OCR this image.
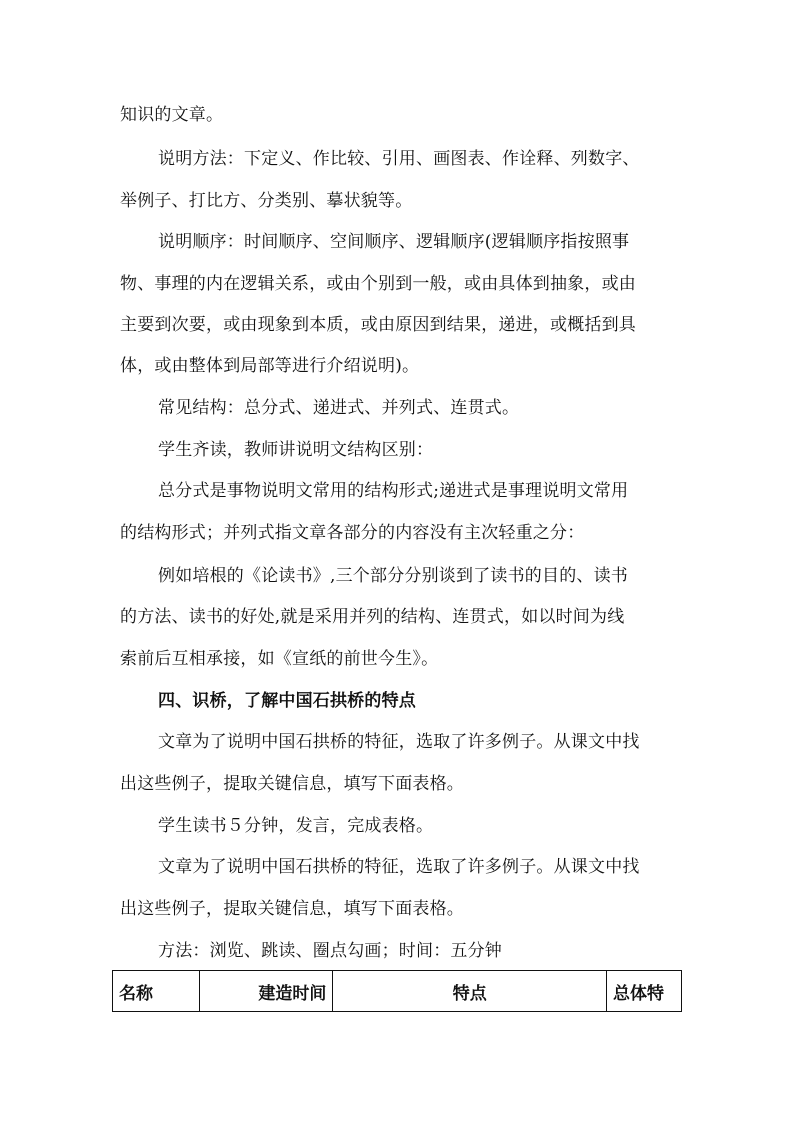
知识的文章。
说明方法：下定义、作比较、引用、画图表、作诠释、列数字、
举例子、打比方、分类别、摹状貌等。
说明顺序：时间顺序、空间顺序、逻辑顺序(逻辑顺序指按照事
物、事理的内在逻辑关系，或由个别到一般，或由具体到抽象，或由
主要到次要，或由现象到本质，或由原因到结果，递进，或概括到具
体，或由整体到局部等进行介绍说明)。
常见结构：总分式、递进式、并列式、连贯式。
学生齐读，教师讲说明文结构区别：
总分式是事物说明文常用的结构形式;递进式是事理说明文常用
的结构形式；并列式指文章各部分的内容没有主次轻重之分：
例如培根的《论读书》,三个部分分别谈到了读书的目的、读书
的方法、读书的好处,就是采用并列的结构、连贯式，如以时间为线
索前后互相承接，如《宣纸的前世今生》。
四、识桥，了解中国石拱桥的特点
文章为了说明中国石拱桥的特征，选取了许多例子。从课文中找
出这些例子，提取关键信息，填写下面表格。
学生读书５分钟，发言，完成表格。
文章为了说明中国石拱桥的特征，选取了许多例子。从课文中找
出这些例子，提取关键信息，填写下面表格。
方法：浏览、跳读、圈点勾画；时间：五分钟
名称	建造时间	特点	总体特
